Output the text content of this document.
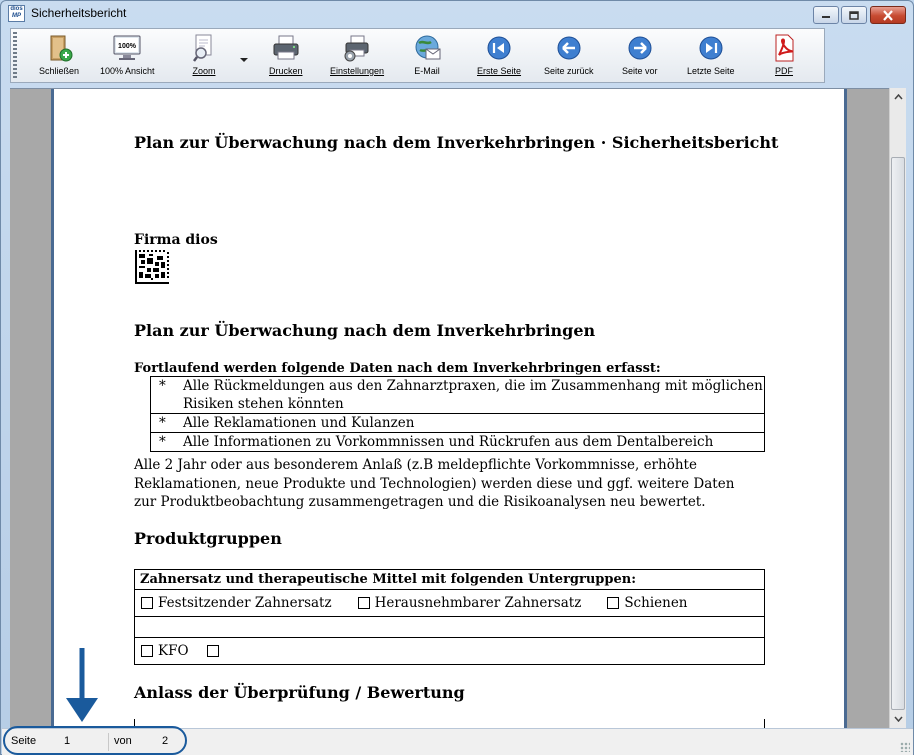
dios
MP Sicherheitsbericht
Schließen
100%
100% Ansicht	Zoom	Drucken	Einstellungen	E-Mail	Erste Seite	Seite zurück	Seite vor	Letzte Seite	PDF
Plan zur Überwachung nach dem Inverkehrbringen · Sicherheitsbericht
Firma dios
Plan zur Überwachung nach dem Inverkehrbringen
Fortlaufend werden folgende Daten nach dem Inverkehrbringen erfasst:
*	Alle Rückmeldungen aus den Zahnarztpraxen, die im Zusammenhang mit möglichen Risiken stehen könnten
*	Alle Reklamationen und Kulanzen
*	Alle Informationen zu Vorkommnissen und Rückrufen aus dem Dentalbereich
Alle 2 Jahr oder aus besonderem Anlaß (z.B meldepflichte Vorkommnisse, erhöhte Reklamationen, neue Produkte und Technologien) werden diese und ggf. weitere Daten zur Produktbeobachtung zusammengetragen und die Risikoanalysen neu bewertet.
Produktgruppen
Zahnersatz und therapeutische Mittel mit folgenden Untergruppen:
Festsitzender Zahnersatz	Herausnehmbarer Zahnersatz	Schienen
KFO
Anlass der Überprüfung / Bewertung
Seite	1	von	2
